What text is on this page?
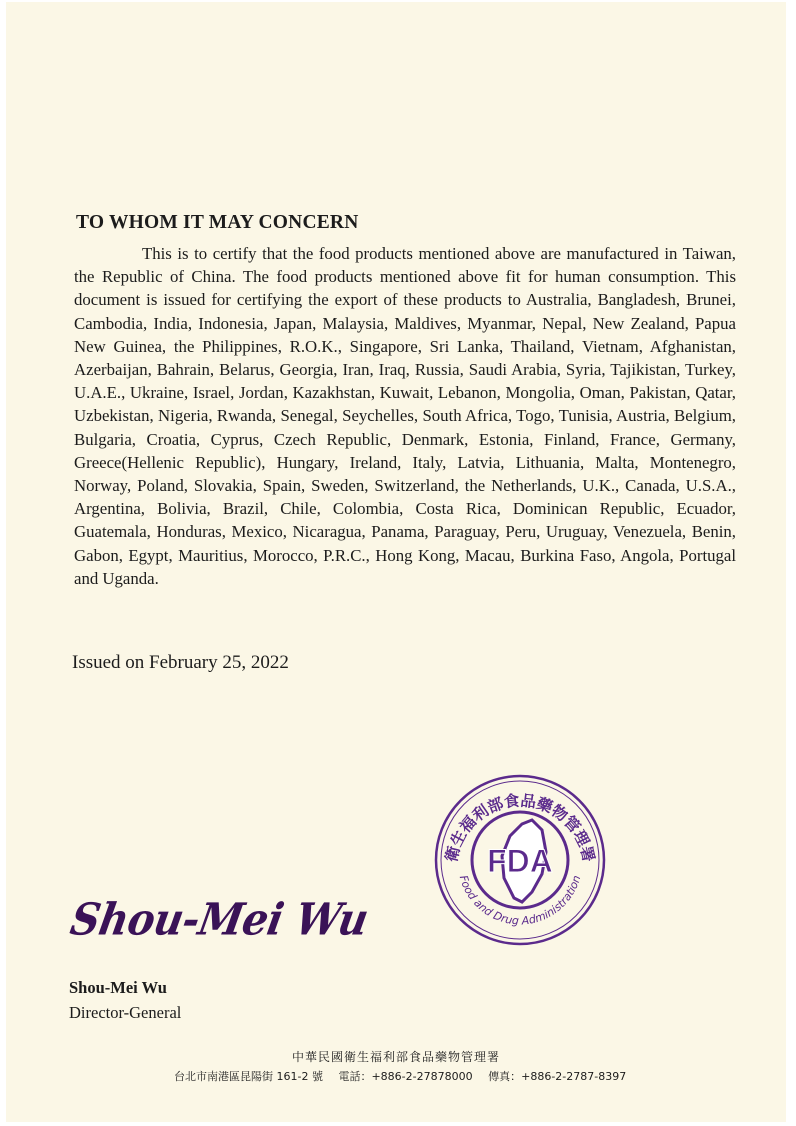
TO WHOM IT MAY CONCERN

This is to certify that the food products mentioned above are manufactured in Taiwan, the Republic of China. The food products mentioned above fit for human consumption. This document is issued for certifying the export of these products to Australia, Bangladesh, Brunei, Cambodia, India, Indonesia, Japan, Malaysia, Maldives, Myanmar, Nepal, New Zealand, Papua New Guinea, the Philippines, R.O.K., Singapore, Sri Lanka, Thailand, Vietnam, Afghanistan, Azerbaijan, Bahrain, Belarus, Georgia, Iran, Iraq, Russia, Saudi Arabia, Syria, Tajikistan, Turkey, U.A.E., Ukraine, Israel, Jordan, Kazakhstan, Kuwait, Lebanon, Mongolia, Oman, Pakistan, Qatar, Uzbekistan, Nigeria, Rwanda, Senegal, Seychelles, South Africa, Togo, Tunisia, Austria, Belgium, Bulgaria, Croatia, Cyprus, Czech Republic, Denmark, Estonia, Finland, France, Germany, Greece(Hellenic Republic), Hungary, Ireland, Italy, Latvia, Lithuania, Malta, Montenegro, Norway, Poland, Slovakia, Spain, Sweden, Switzerland, the Netherlands, U.K., Canada, U.S.A., Argentina, Bolivia, Brazil, Chile, Colombia, Costa Rica, Dominican Republic, Ecuador, Guatemala, Honduras, Mexico, Nicaragua, Panama, Paraguay, Peru, Uruguay, Venezuela, Benin, Gabon, Egypt, Mauritius, Morocco, P.R.C., Hong Kong, Macau, Burkina Faso, Angola, Portugal and Uganda.

Issued on February 25, 2022

衛生福利部食品藥物管理署
Food and Drug Administration
FDA
Shou-Mei Wu

Shou-Mei Wu

Director-General

中華民國衛生福利部食品藥物管理署

台北市南港區昆陽街 161-2 號 電話：+886-2-27878000 傳真：+886-2-2787-8397
